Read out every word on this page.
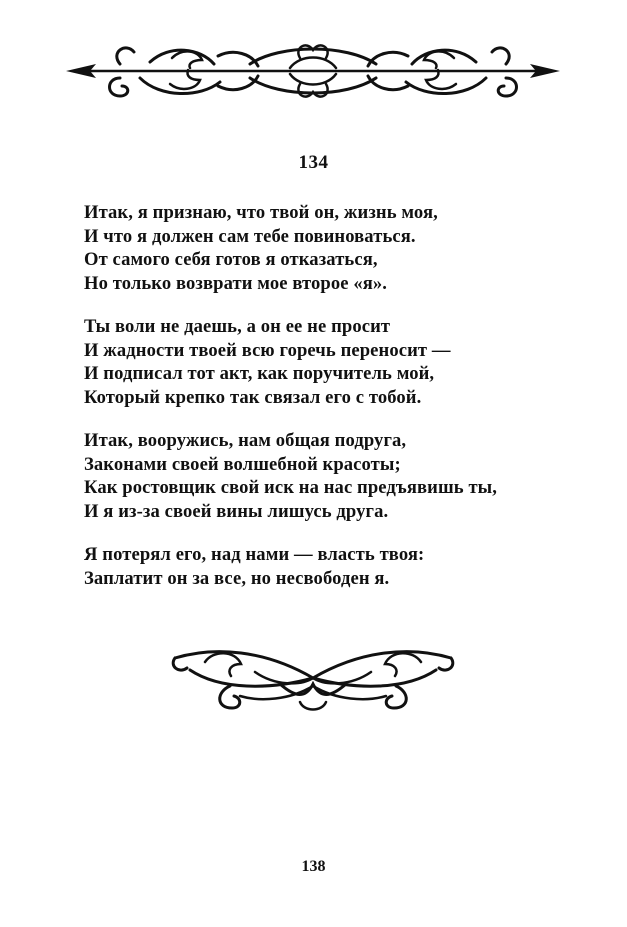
134
Итак, я признаю, что твой он, жизнь моя,
И что я должен сам тебе повиноваться.
От самого себя готов я отказаться,
Но только возврати мое второе «я».
Ты воли не даешь, а он ее не просит
И жадности твоей всю горечь переносит —
И подписал тот акт, как поручитель мой,
Который крепко так связал его с тобой.
Итак, вооружись, нам общая подруга,
Законами своей волшебной красоты;
Как ростовщик свой иск на нас предъявишь ты,
И я из-за своей вины лишусь друга.
Я потерял его, над нами — власть твоя:
Заплатит он за все, но несвободен я.
138
